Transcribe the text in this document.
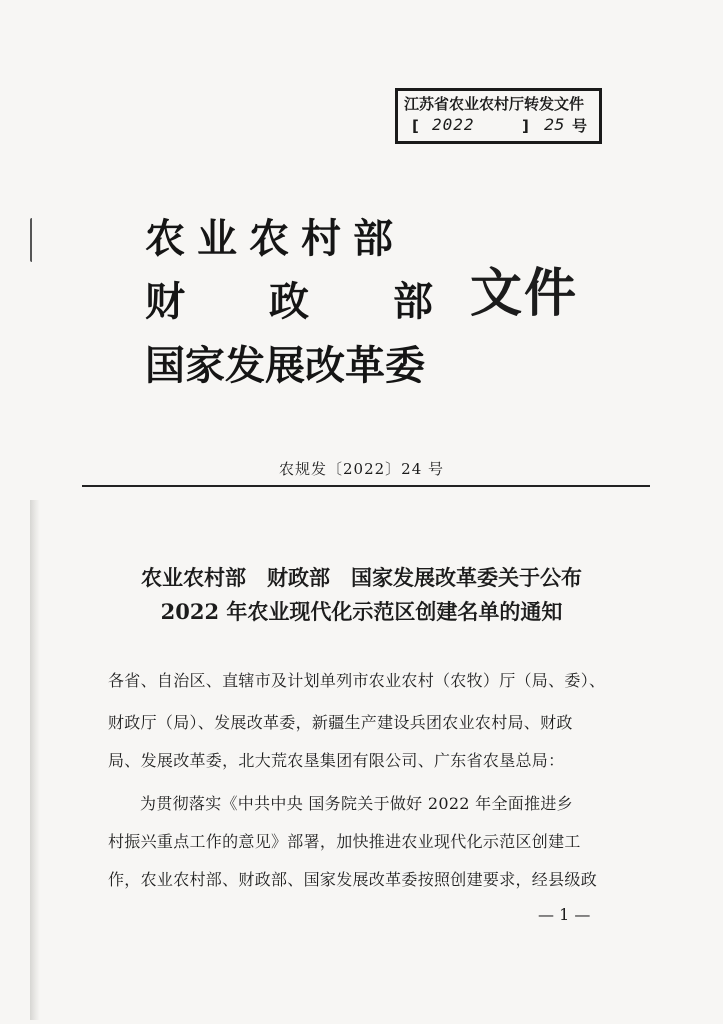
江苏省农业农村厅转发文件
[ 2022	] 25 号
农业农村部
财 政 部
国家发展改革委
文件
农规发〔2022〕24 号
农业农村部　财政部　国家发展改革委关于公布
2022 年农业现代化示范区创建名单的通知
各省、自治区、直辖市及计划单列市农业农村（农牧）厅（局、委）、
财政厅（局）、发展改革委，新疆生产建设兵团农业农村局、财政
局、发展改革委，北大荒农垦集团有限公司、广东省农垦总局：
为贯彻落实《中共中央 国务院关于做好 2022 年全面推进乡
村振兴重点工作的意见》部署，加快推进农业现代化示范区创建工
作，农业农村部、财政部、国家发展改革委按照创建要求，经县级政
— 1 —
